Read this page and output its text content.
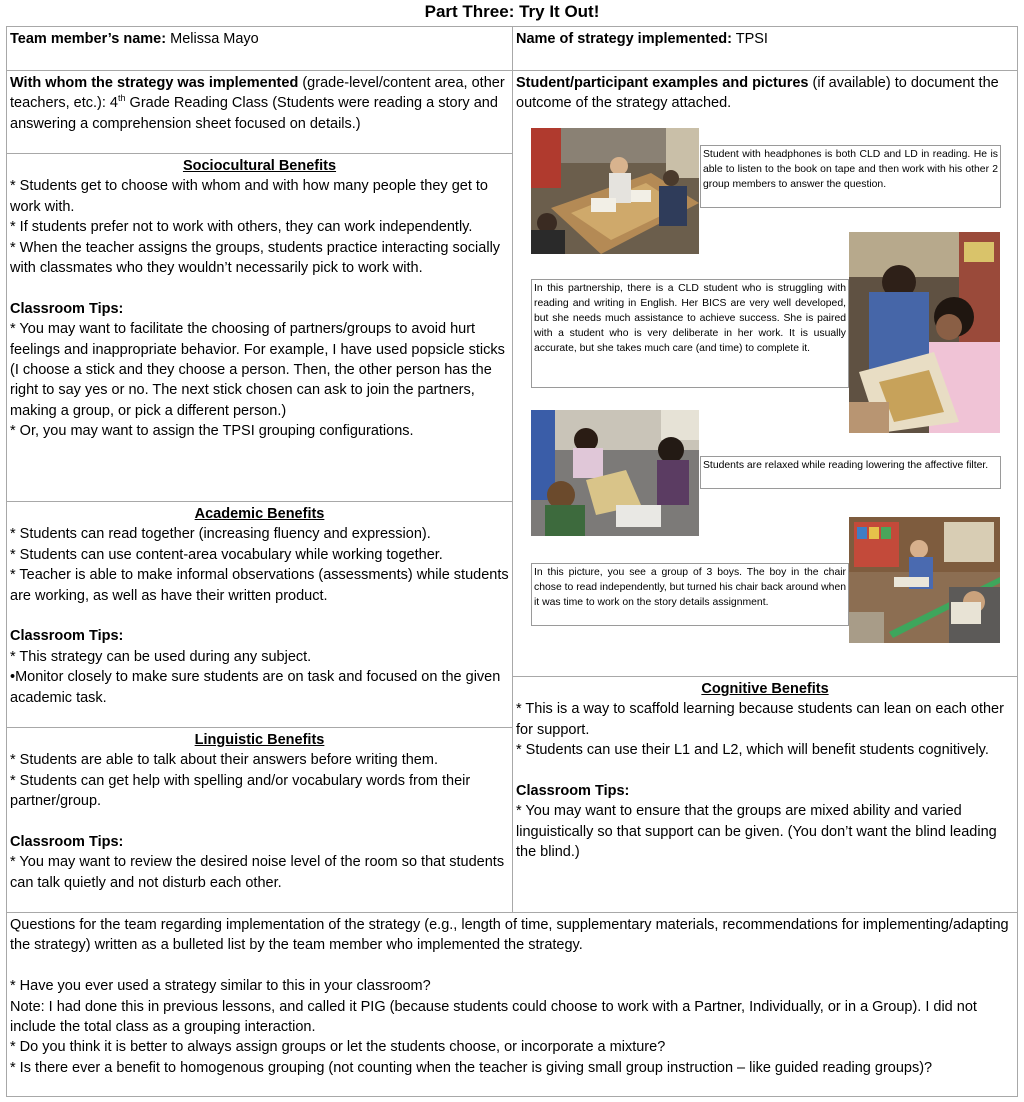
Part Three: Try It Out!

Team member’s name: Melissa Mayo	Name of strategy implemented: TPSI

With whom the strategy was implemented (grade-level/content area, other teachers, etc.): 4th Grade Reading Class (Students were reading a story and answering a comprehension sheet focused on details.)

Student/participant examples and pictures (if available) to document the outcome of the strategy attached.

Student with headphones is both CLD and LD in reading. He is able to listen to the book on tape and then work with his other 2 group members to answer the question.
In this partnership, there is a CLD student who is struggling with reading and writing in English. Her BICS are very well developed, but she needs much assistance to achieve success. She is paired with a student who is very deliberate in her work. It is usually accurate, but she takes much care (and time) to complete it.
Students are relaxed while reading lowering the affective filter.
In this picture, you see a group of 3 boys. The boy in the chair chose to read independently, but turned his chair back around when it was time to work on the story details assignment.

Sociocultural Benefits

* Students get to choose with whom and with how many people they get to work with.

* If students prefer not to work with others, they can work independently.

* When the teacher assigns the groups, students practice interacting socially with classmates who they wouldn’t necessarily pick to work with.

Classroom Tips:

* You may want to facilitate the choosing of partners/groups to avoid hurt feelings and inappropriate behavior. For example, I have used popsicle sticks (I choose a stick and they choose a person. Then, the other person has the right to say yes or no. The next stick chosen can ask to join the partners, making a group, or pick a different person.)

* Or, you may want to assign the TPSI grouping configurations.

Academic Benefits

* Students can read together (increasing fluency and expression).

* Students can use content-area vocabulary while working together.

* Teacher is able to make informal observations (assessments) while students are working, as well as have their written product.

Classroom Tips:

* This strategy can be used during any subject.

•Monitor closely to make sure students are on task and focused on the given academic task.

Linguistic Benefits

* Students are able to talk about their answers before writing them.

* Students can get help with spelling and/or vocabulary words from their partner/group.

Classroom Tips:

* You may want to review the desired noise level of the room so that students can talk quietly and not disturb each other.

Cognitive Benefits

* This is a way to scaffold learning because students can lean on each other for support.

* Students can use their L1 and L2, which will benefit students cognitively.

Classroom Tips:

* You may want to ensure that the groups are mixed ability and varied linguistically so that support can be given. (You don’t want the blind leading the blind.)

Questions for the team regarding implementation of the strategy (e.g., length of time, supplementary materials, recommendations for implementing/adapting the strategy) written as a bulleted list by the team member who implemented the strategy.

* Have you ever used a strategy similar to this in your classroom?

Note: I had done this in previous lessons, and called it PIG (because students could choose to work with a Partner, Individually, or in a Group). I did not include the total class as a grouping interaction.

* Do you think it is better to always assign groups or let the students choose, or incorporate a mixture?

* Is there ever a benefit to homogenous grouping (not counting when the teacher is giving small group instruction – like guided reading groups)?
